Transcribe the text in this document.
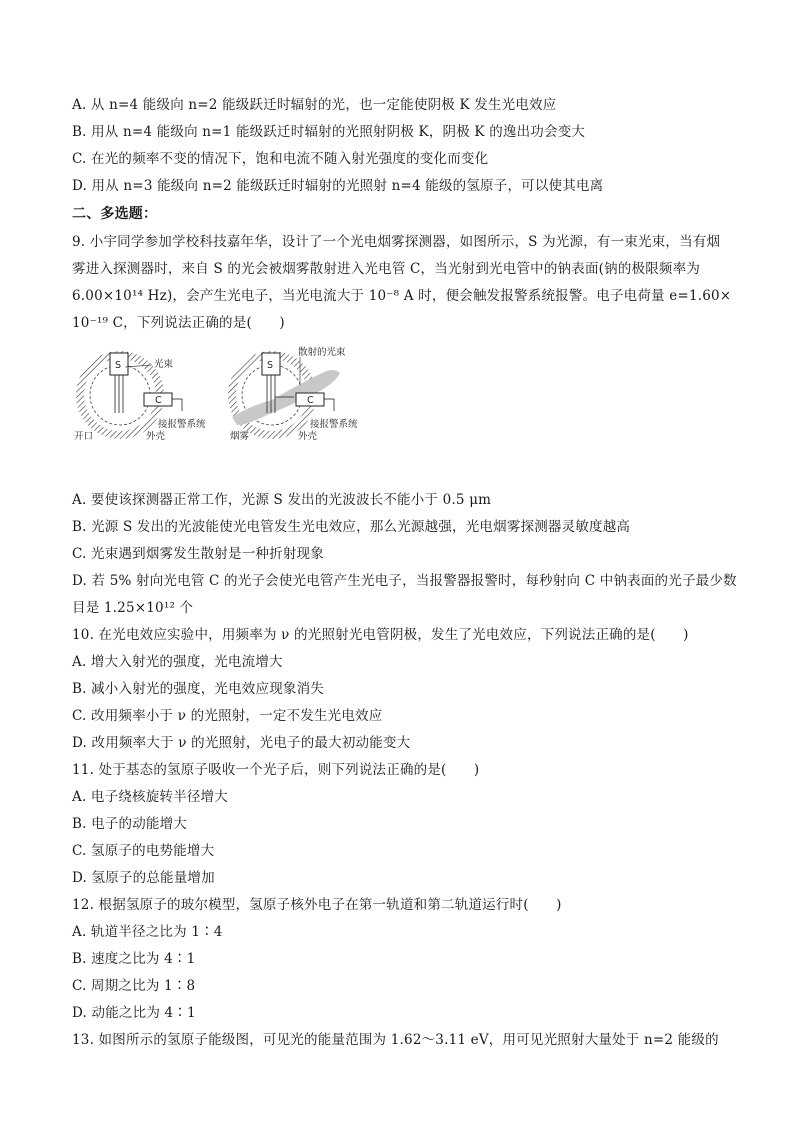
A. 从 n=4 能级向 n=2 能级跃迁时辐射的光，也一定能使阴极 K 发生光电效应
B. 用从 n=4 能级向 n=1 能级跃迁时辐射的光照射阴极 K，阴极 K 的逸出功会变大
C. 在光的频率不变的情况下，饱和电流不随入射光强度的变化而变化
D. 用从 n=3 能级向 n=2 能级跃迁时辐射的光照射 n=4 能级的氢原子，可以使其电离
二、多选题：
9. 小宇同学参加学校科技嘉年华，设计了一个光电烟雾探测器，如图所示，S 为光源，有一束光束，当有烟
雾进入探测器时，来自 S 的光会被烟雾散射进入光电管 C，当光射到光电管中的钠表面(钠的极限频率为
6.00×10¹⁴ Hz)，会产生光电子，当光电流大于 10⁻⁸ A 时，便会触发报警系统报警。电子电荷量 e=1.60×
10⁻¹⁹ C，下列说法正确的是(　　)
S
C
光束
接报警系统
开口	外壳
S
C
散射的光束
接报警系统
烟雾	外壳
A. 要使该探测器正常工作，光源 S 发出的光波波长不能小于 0.5 μm
B. 光源 S 发出的光波能使光电管发生光电效应，那么光源越强，光电烟雾探测器灵敏度越高
C. 光束遇到烟雾发生散射是一种折射现象
D. 若 5% 射向光电管 C 的光子会使光电管产生光电子，当报警器报警时，每秒射向 C 中钠表面的光子最少数
目是 1.25×10¹² 个
10. 在光电效应实验中，用频率为 ν 的光照射光电管阴极，发生了光电效应，下列说法正确的是(　　)
A. 增大入射光的强度，光电流增大
B. 减小入射光的强度，光电效应现象消失
C. 改用频率小于 ν 的光照射，一定不发生光电效应
D. 改用频率大于 ν 的光照射，光电子的最大初动能变大
11. 处于基态的氢原子吸收一个光子后，则下列说法正确的是(　　)
A. 电子绕核旋转半径增大
B. 电子的动能增大
C. 氢原子的电势能增大
D. 氢原子的总能量增加
12. 根据氢原子的玻尔模型，氢原子核外电子在第一轨道和第二轨道运行时(　　)
A. 轨道半径之比为 1∶4
B. 速度之比为 4∶1
C. 周期之比为 1∶8
D. 动能之比为 4∶1
13. 如图所示的氢原子能级图，可见光的能量范围为 1.62～3.11 eV，用可见光照射大量处于 n=2 能级的
